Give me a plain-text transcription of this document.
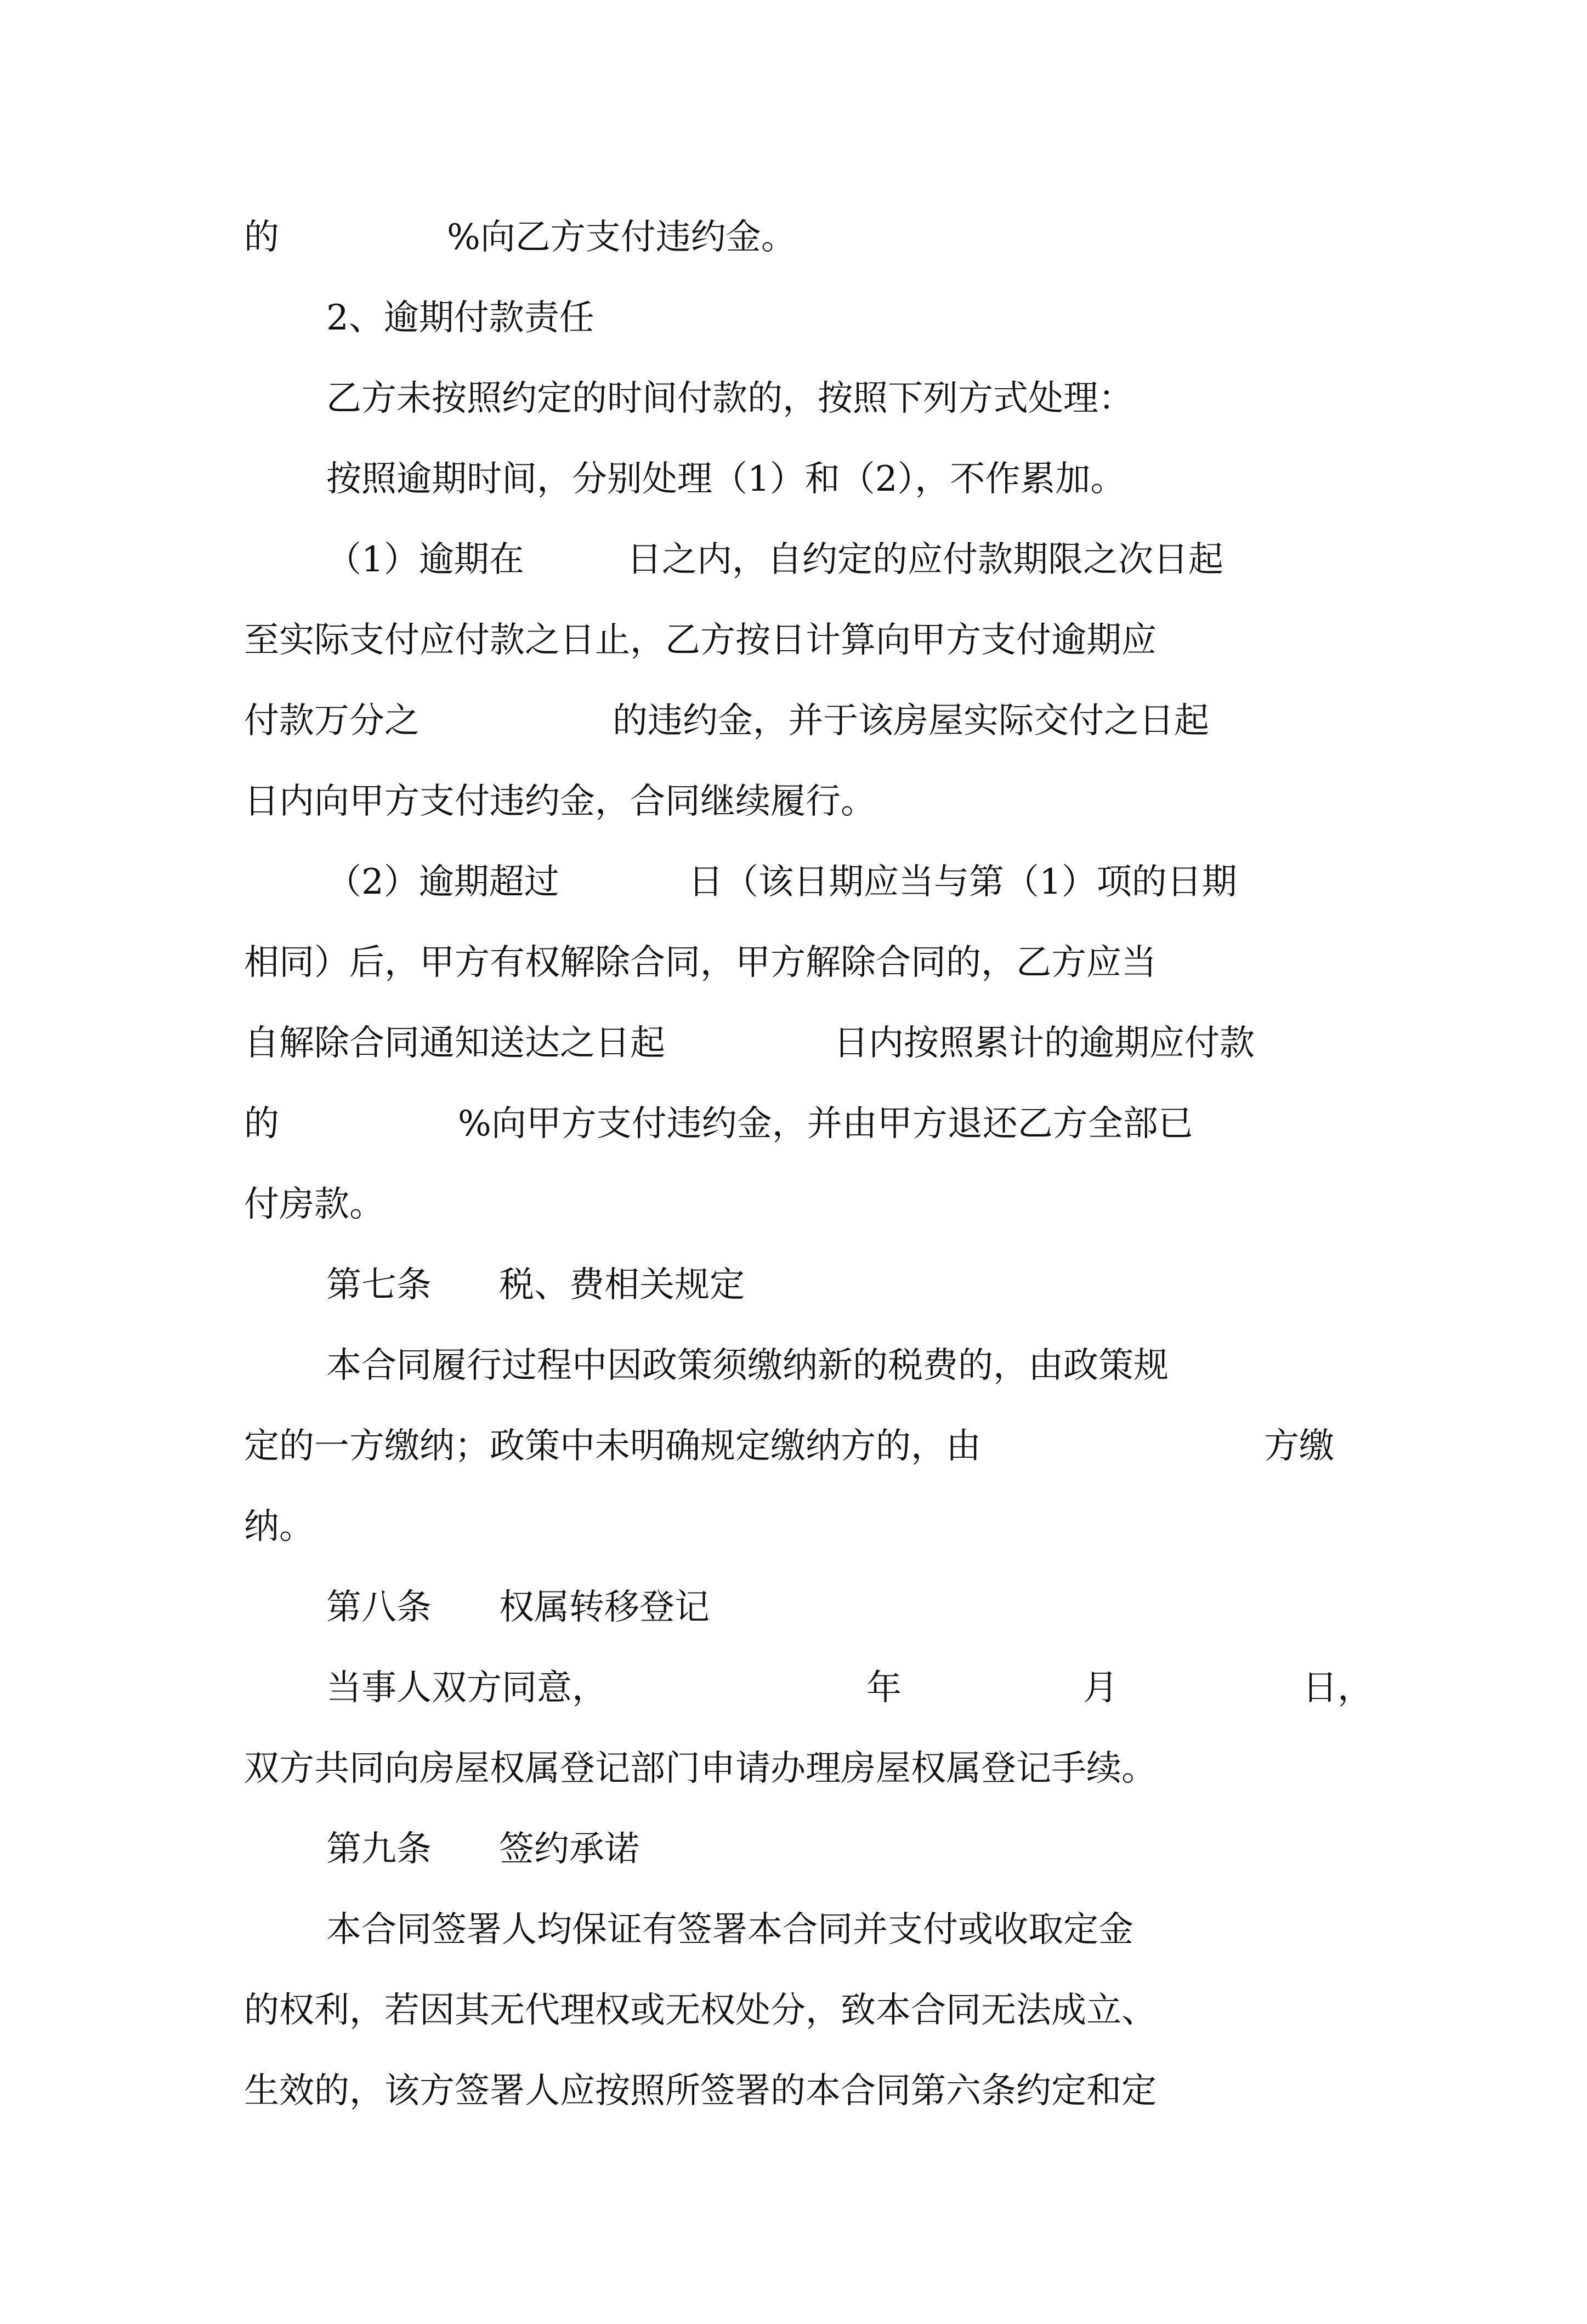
的

	%向乙方支付违约金。

2、逾期付款责任

乙方未按照约定的时间付款的，按照下列方式处理：

按照逾期时间，分别处理（1）和（2），不作累加。

（1）逾期在

	日之内，自约定的应付款期限之次日起

至实际支付应付款之日止，乙方按日计算向甲方支付逾期应

付款万分之

	的违约金，并于该房屋实际交付之日起

日内向甲方支付违约金，合同继续履行。

（2）逾期超过

	日（该日期应当与第（1）项的日期

相同）后，甲方有权解除合同，甲方解除合同的，乙方应当

自解除合同通知送达之日起

	日内按照累计的逾期应付款

的

	%向甲方支付违约金，并由甲方退还乙方全部已

付房款。

第七条

税、费相关规定

本合同履行过程中因政策须缴纳新的税费的，由政策规

定的一方缴纳；政策中未明确规定缴纳方的，由

	方缴

纳。

第八条

权属转移登记

当事人双方同意，

	年

	月

	日，

双方共同向房屋权属登记部门申请办理房屋权属登记手续。

第九条

签约承诺

本合同签署人均保证有签署本合同并支付或收取定金

的权利，若因其无代理权或无权处分，致本合同无法成立、

生效的，该方签署人应按照所签署的本合同第六条约定和定
